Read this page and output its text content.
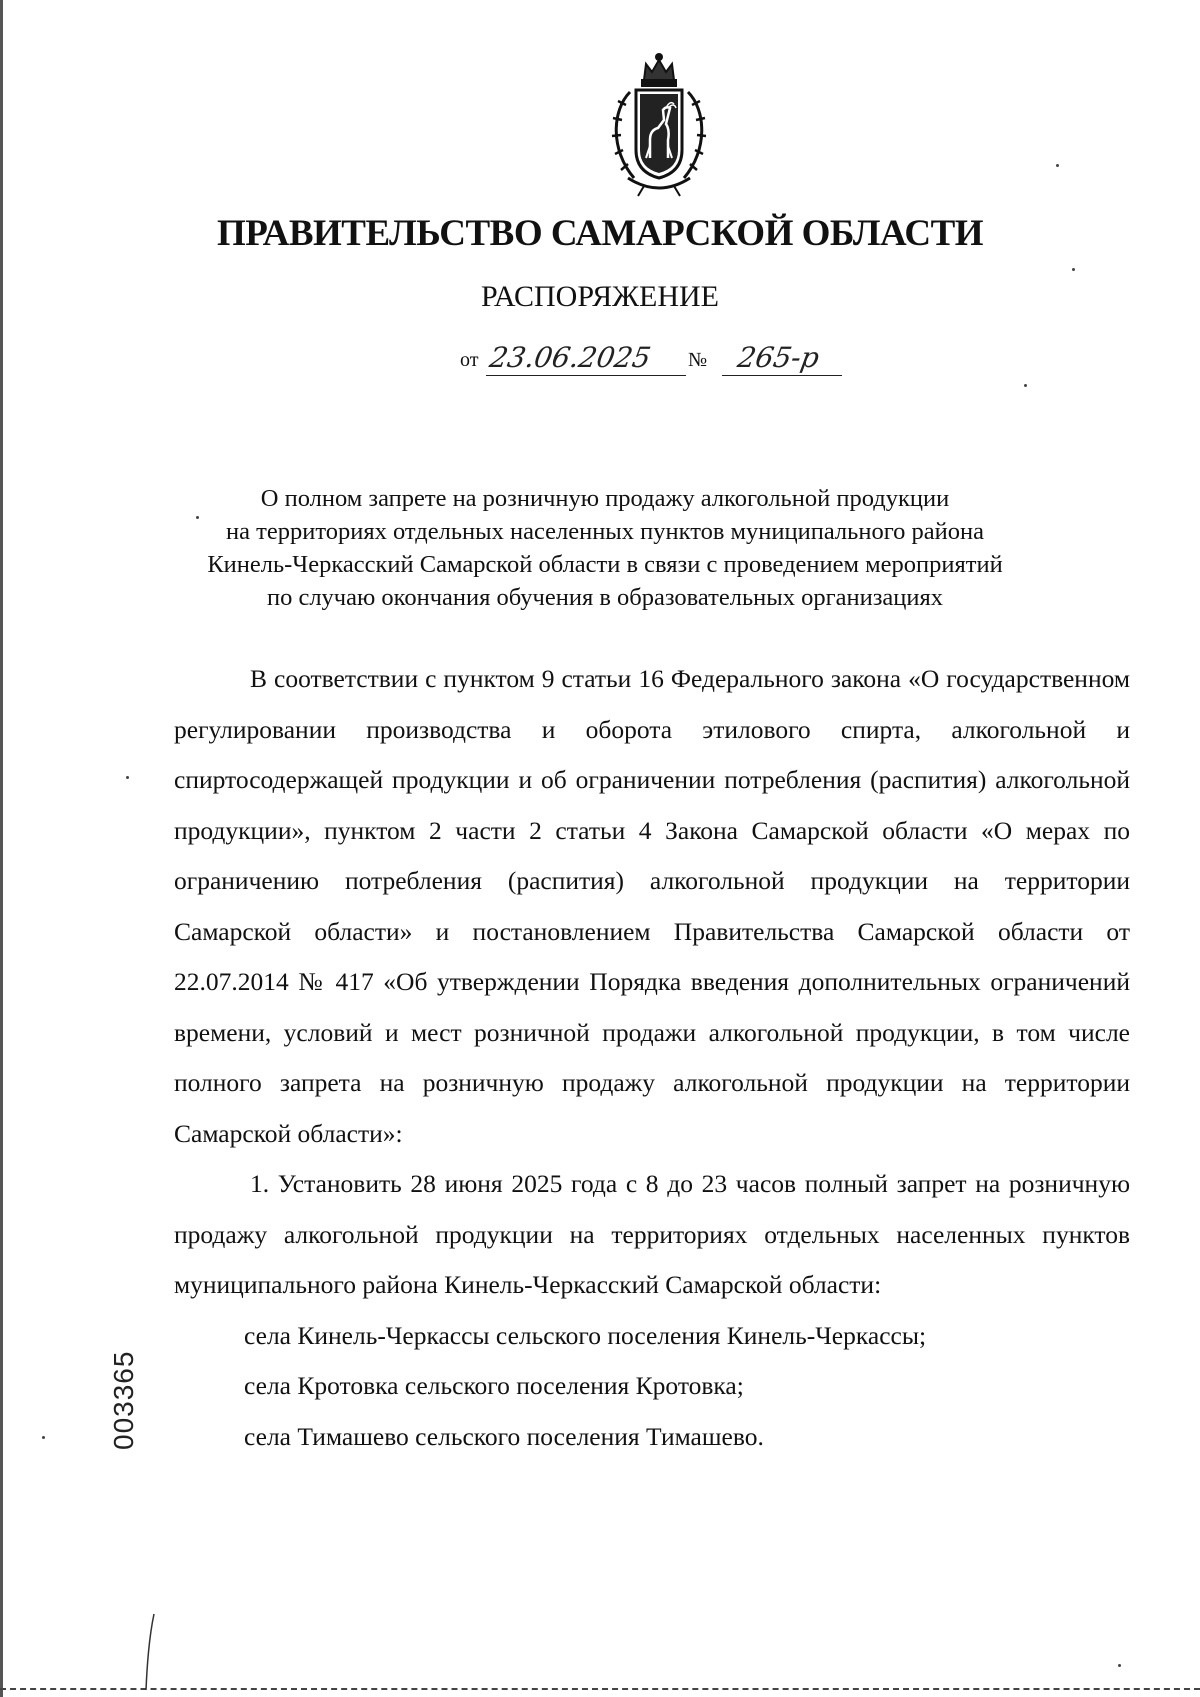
ПРАВИТЕЛЬСТВО САМАРСКОЙ ОБЛАСТИ
РАСПОРЯЖЕНИЕ
от 23.06.2025 № 265-р
О полном запрете на розничную продажу алкогольной продукции
на территориях отдельных населенных пунктов муниципального района
Кинель-Черкасский Самарской области в связи с проведением мероприятий
по случаю окончания обучения в образовательных организациях

В соответствии с пунктом 9 статьи 16 Федерального закона «О государственном регулировании производства и оборота этилового спирта, алкогольной и спиртосодержащей продукции и об ограничении потребления (распития) алкогольной продукции», пунктом 2 части 2 статьи 4 Закона Самарской области «О мерах по ограничению потребления (распития) алкогольной продукции на территории Самарской области» и постановлением Правительства Самарской области от 22.07.2014 № 417 «Об утверждении Порядка введения дополнительных ограничений времени, условий и мест розничной продажи алкогольной продукции, в том числе полного запрета на розничную продажу алкогольной продукции на территории Самарской области»:

1. Установить 28 июня 2025 года с 8 до 23 часов полный запрет на розничную продажу алкогольной продукции на территориях отдельных населенных пунктов муниципального района Кинель-Черкасский Самарской области:

села Кинель-Черкассы сельского поселения Кинель-Черкассы;

села Кротовка сельского поселения Кротовка;

села Тимашево сельского поселения Тимашево.

003365
